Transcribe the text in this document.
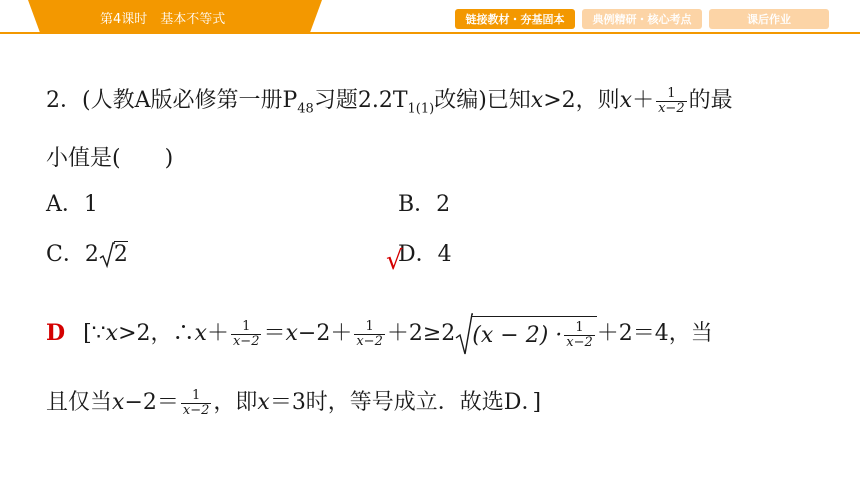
第4课时　基本不等式	链接教材・夯基固本	典例精研・核心考点	课后作业
2．(人教A版必修第一册$P_{48}$习题$2.2T_{1(1)}$改编)已知x>2，则$x+ \frac{1}{x-2}$ 的最
小值是(　　)
A．1	B．2
C．2 2	D．4
√
D [∵x>2，∴x＋ $\frac{1}{x-2} =x-2+ \frac{1}{x-2} +2\ge 2$ $(x - 2) \cdot \frac{1}{x-2} +2=4$，当
且仅当$x-2= \frac{1}{x-2}$ ，即x＝3时，等号成立．故选D．]
